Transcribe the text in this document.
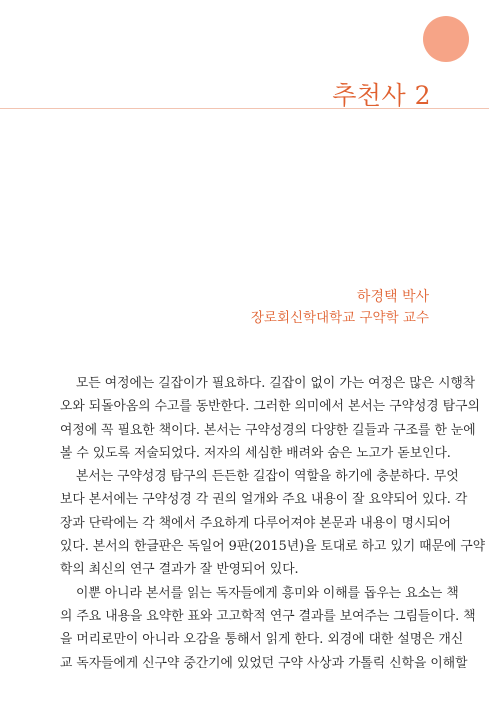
추천사 2
하경택 박사
장로회신학대학교 구약학 교수
모든 여정에는 길잡이가 필요하다. 길잡이 없이 가는 여정은 많은 시행착
오와 되돌아옴의 수고를 동반한다. 그러한 의미에서 본서는 구약성경 탐구의
여정에 꼭 필요한 책이다. 본서는 구약성경의 다양한 길들과 구조를 한 눈에
볼 수 있도록 저술되었다. 저자의 세심한 배려와 숨은 노고가 돋보인다.
본서는 구약성경 탐구의 든든한 길잡이 역할을 하기에 충분하다. 무엇
보다 본서에는 구약성경 각 권의 얼개와 주요 내용이 잘 요약되어 있다. 각
장과 단락에는 각 책에서 주요하게 다루어져야 본문과 내용이 명시되어
있다. 본서의 한글판은 독일어 9판(2015년)을 토대로 하고 있기 때문에 구약
학의 최신의 연구 결과가 잘 반영되어 있다.
이뿐 아니라 본서를 읽는 독자들에게 흥미와 이해를 돕우는 요소는 책
의 주요 내용을 요약한 표와 고고학적 연구 결과를 보여주는 그림들이다. 책
을 머리로만이 아니라 오감을 통해서 읽게 한다. 외경에 대한 설명은 개신
교 독자들에게 신구약 중간기에 있었던 구약 사상과 가톨릭 신학을 이해할
